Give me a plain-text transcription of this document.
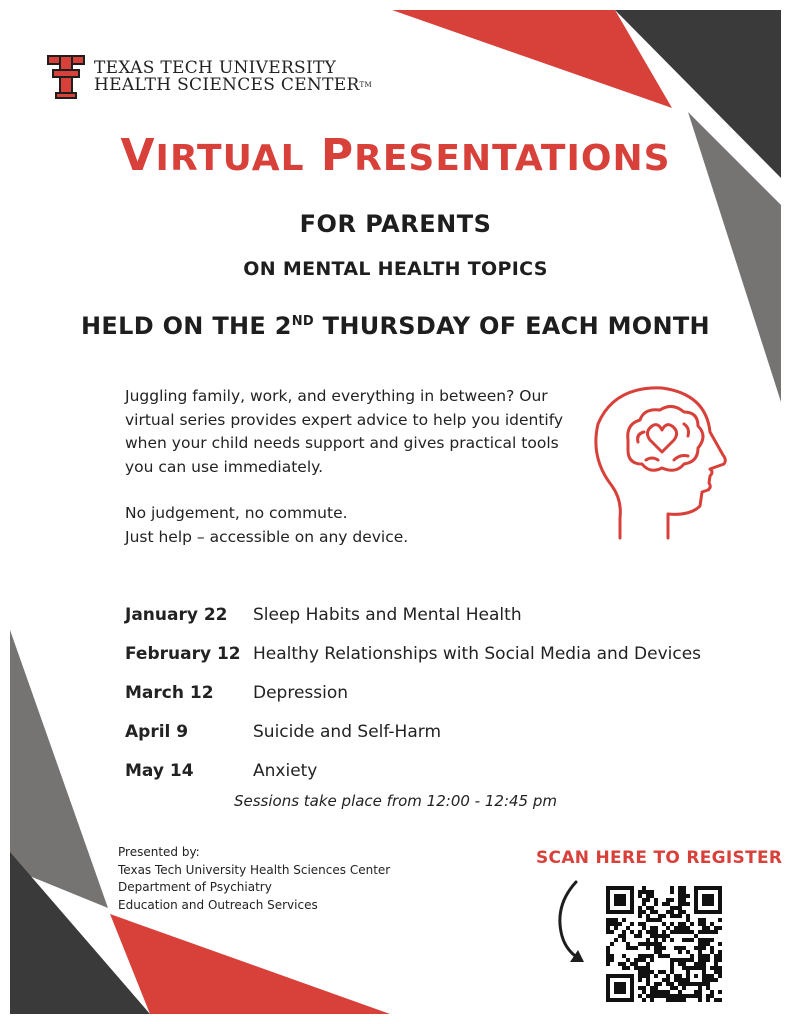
TEXAS TECH UNIVERSITY
HEALTH SCIENCES CENTERTM
VIRTUAL PRESENTATIONS
FOR PARENTS
ON MENTAL HEALTH TOPICS
HELD ON THE 2ND THURSDAY OF EACH MONTH

Juggling family, work, and everything in between? Our virtual series provides expert advice to help you identify when your child needs support and gives practical tools you can use immediately.

No judgement, no commute.
Just help – accessible on any device.

January 22	Sleep Habits and Mental Health
February 12 Healthy Relationships with Social Media and Devices
March 12	Depression
April 9	Suicide and Self-Harm
May 14	Anxiety
Sessions take place from 12:00 - 12:45 pm
Presented by:
Texas Tech University Health Sciences Center
Department of Psychiatry
Education and Outreach Services
SCAN HERE TO REGISTER
